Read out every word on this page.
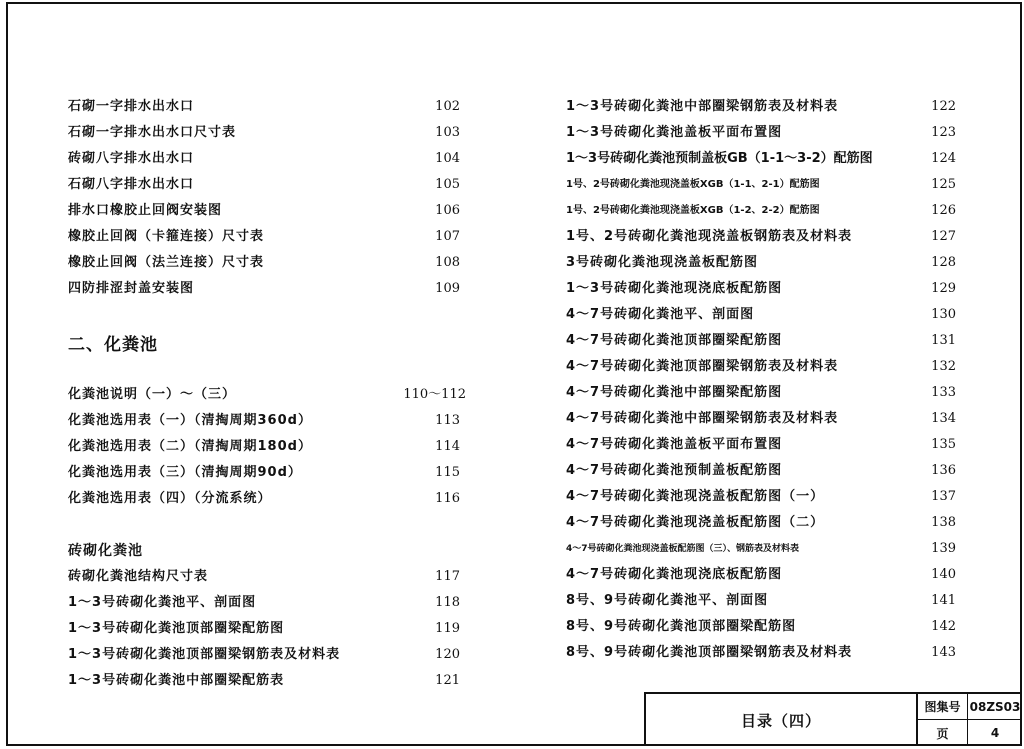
石砌一字排水出水口	102
石砌一字排水出水口尺寸表	103
砖砌八字排水出水口	104
石砌八字排水出水口	105
排水口橡胶止回阀安装图	106
橡胶止回阀（卡箍连接）尺寸表	107
橡胶止回阀（法兰连接）尺寸表	108
四防排涩封盖安装图	109
二、化粪池
化粪池说明（一）～（三）	110～112
化粪池选用表（一）（清掏周期360d）	113
化粪池选用表（二）（清掏周期180d）	114
化粪池选用表（三）（清掏周期90d）	115
化粪池选用表（四）（分流系统）	116
砖砌化粪池
砖砌化粪池结构尺寸表	117
1～3号砖砌化粪池平、剖面图	118
1～3号砖砌化粪池顶部圈梁配筋图	119
1～3号砖砌化粪池顶部圈梁钢筋表及材料表	120
1～3号砖砌化粪池中部圈梁配筋表	121
1～3号砖砌化粪池中部圈梁钢筋表及材料表	122
1～3号砖砌化粪池盖板平面布置图	123
1～3号砖砌化粪池预制盖板GB（1-1～3-2）配筋图	124
1号、2号砖砌化粪池现浇盖板XGB（1-1、2-1）配筋图	125
1号、2号砖砌化粪池现浇盖板XGB（1-2、2-2）配筋图	126
1号、2号砖砌化粪池现浇盖板钢筋表及材料表	127
3号砖砌化粪池现浇盖板配筋图	128
1～3号砖砌化粪池现浇底板配筋图	129
4～7号砖砌化粪池平、剖面图	130
4～7号砖砌化粪池顶部圈梁配筋图	131
4～7号砖砌化粪池顶部圈梁钢筋表及材料表	132
4～7号砖砌化粪池中部圈梁配筋图	133
4～7号砖砌化粪池中部圈梁钢筋表及材料表	134
4～7号砖砌化粪池盖板平面布置图	135
4～7号砖砌化粪池预制盖板配筋图	136
4～7号砖砌化粪池现浇盖板配筋图（一）	137
4～7号砖砌化粪池现浇盖板配筋图（二）	138
4～7号砖砌化粪池现浇盖板配筋图（三）、钢筋表及材料表	139
4～7号砖砌化粪池现浇底板配筋图	140
8号、9号砖砌化粪池平、剖面图	141
8号、9号砖砌化粪池顶部圈梁配筋图	142
8号、9号砖砌化粪池顶部圈梁钢筋表及材料表	143
目录（四）
图集号 08ZS03
页	4
